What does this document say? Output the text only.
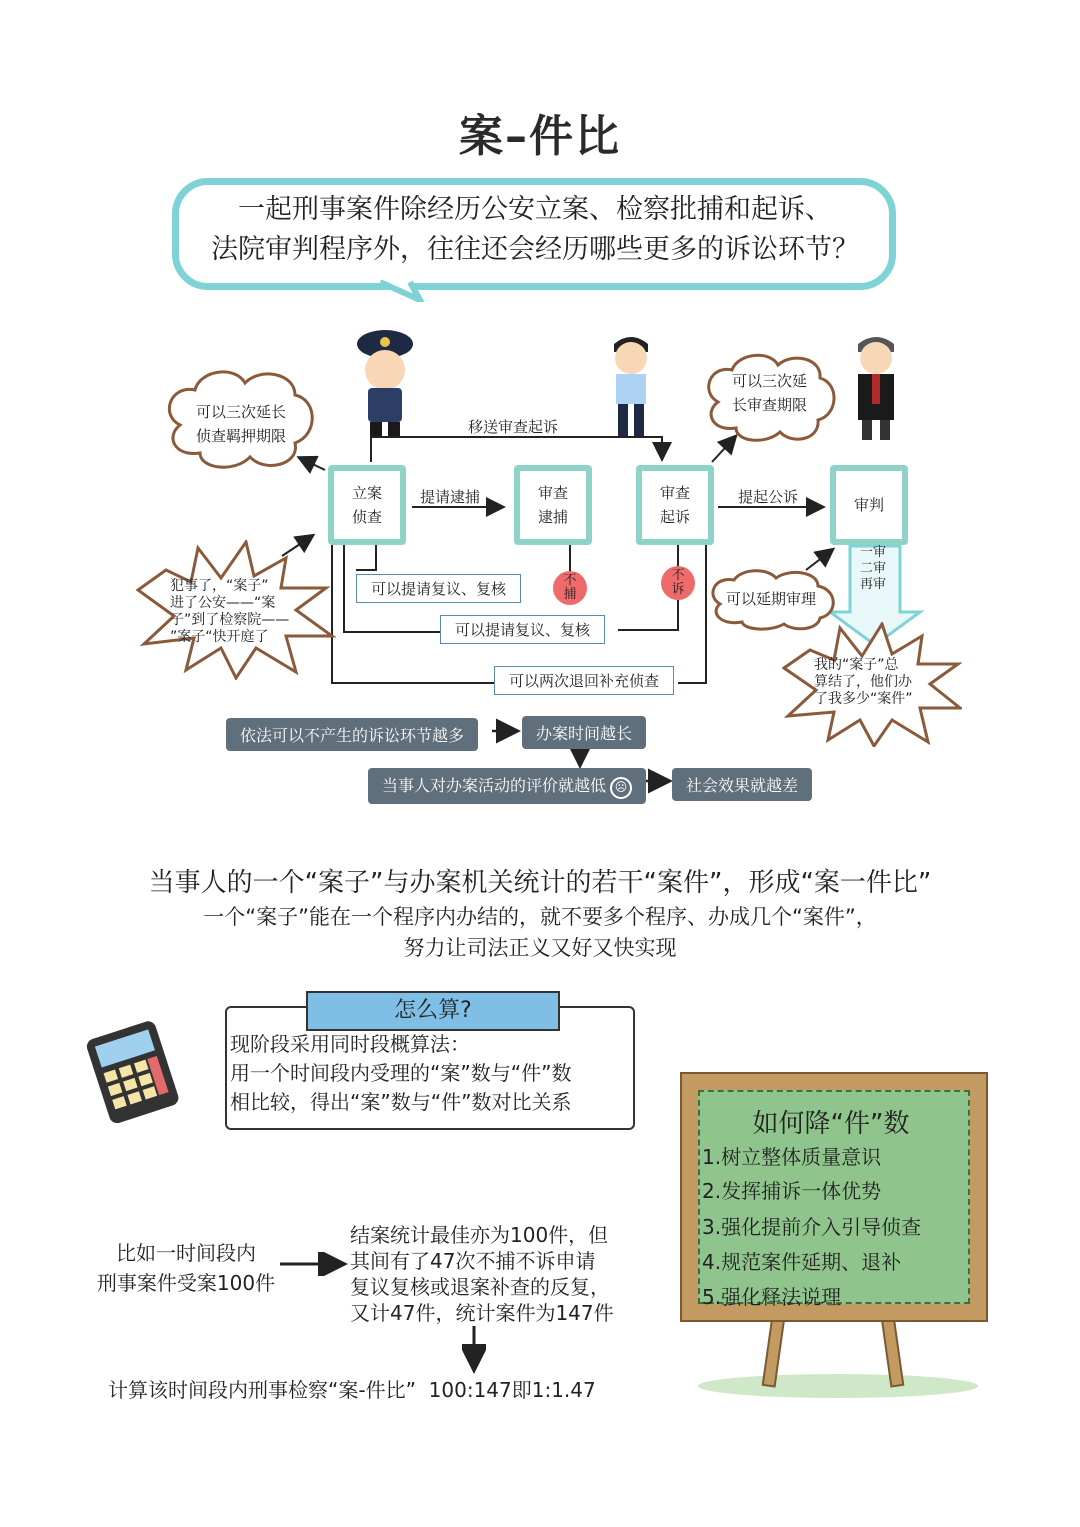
案–件比
一起刑事案件除经历公安立案、检察批捕和起诉、
法院审判程序外，往往还会经历哪些更多的诉讼环节？
可以三次延长
侦查羁押期限
可以三次延
长审查期限
可以延期审理
犯事了，“案子”
进了公安——“案
子”到了检察院——
”案子“快开庭了
我的“案子”总
算结了，他们办
了我多少“案件”
立案
侦查
审查
逮捕
审查
起诉
审判
移送审查起诉
提请逮捕	提起公诉
一审
二审
再审
不
捕
不
诉
可以提请复议、复核
可以提请复议、复核
可以两次退回补充侦查
依法可以不产生的诉讼环节越多	办案时间越长
当事人对办案活动的评价就越低 ☹	社会效果就越差
当事人的一个“案子”与办案机关统计的若干“案件”，形成“案一件比”
一个“案子”能在一个程序内办结的，就不要多个程序、办成几个“案件”，
努力让司法正义又好又快实现
怎么算?
现阶段采用同时段概算法：
用一个时间段内受理的“案”数与“件”数
相比较，得出“案”数与“件”数对比关系
比如一时间段内
刑事案件受案100件
结案统计最佳亦为100件，但
其间有了47次不捕不诉申请
复议复核或退案补查的反复，
又计47件，统计案件为147件
计算该时间段内刑事检察“案-件比”  100:147即1:1.47
如何降“件”数
1.树立整体质量意识
2.发挥捕诉一体优势
3.强化提前介入引导侦查
4.规范案件延期、退补
5.强化释法说理
